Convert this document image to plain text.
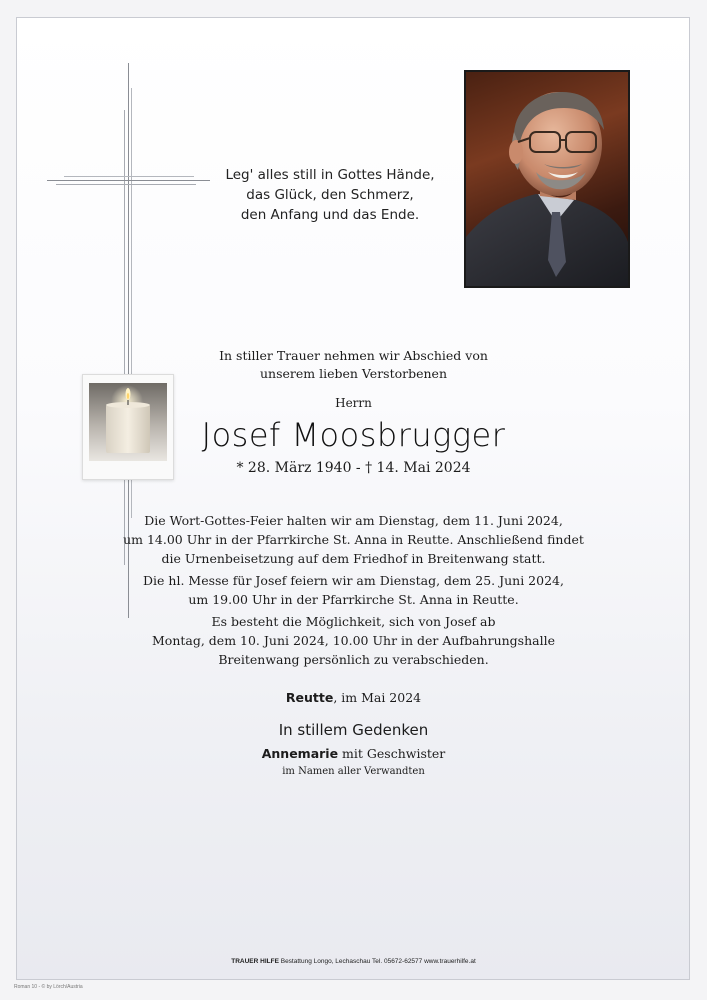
Leg' alles still in Gottes Hände,
das Glück, den Schmerz,
den Anfang und das Ende.
In stiller Trauer nehmen wir Abschied von
unserem lieben Verstorbenen
Herrn
Josef Moosbrugger
* 28. März 1940 - † 14. Mai 2024
Die Wort-Gottes-Feier halten wir am Dienstag, dem 11. Juni 2024,
um 14.00 Uhr in der Pfarrkirche St. Anna in Reutte. Anschließend findet
die Urnenbeisetzung auf dem Friedhof in Breitenwang statt.
Die hl. Messe für Josef feiern wir am Dienstag, dem 25. Juni 2024,
um 19.00 Uhr in der Pfarrkirche St. Anna in Reutte.
Es besteht die Möglichkeit, sich von Josef ab
Montag, dem 10. Juni 2024, 10.00 Uhr in der Aufbahrungshalle
Breitenwang persönlich zu verabschieden.
Reutte, im Mai 2024
In stillem Gedenken
Annemarie mit Geschwister
im Namen aller Verwandten
TRAUER HILFE Bestattung Longo, Lechaschau Tel. 05672-62577 www.trauerhilfe.at
Roman 10 - © by Lörch/Austria
